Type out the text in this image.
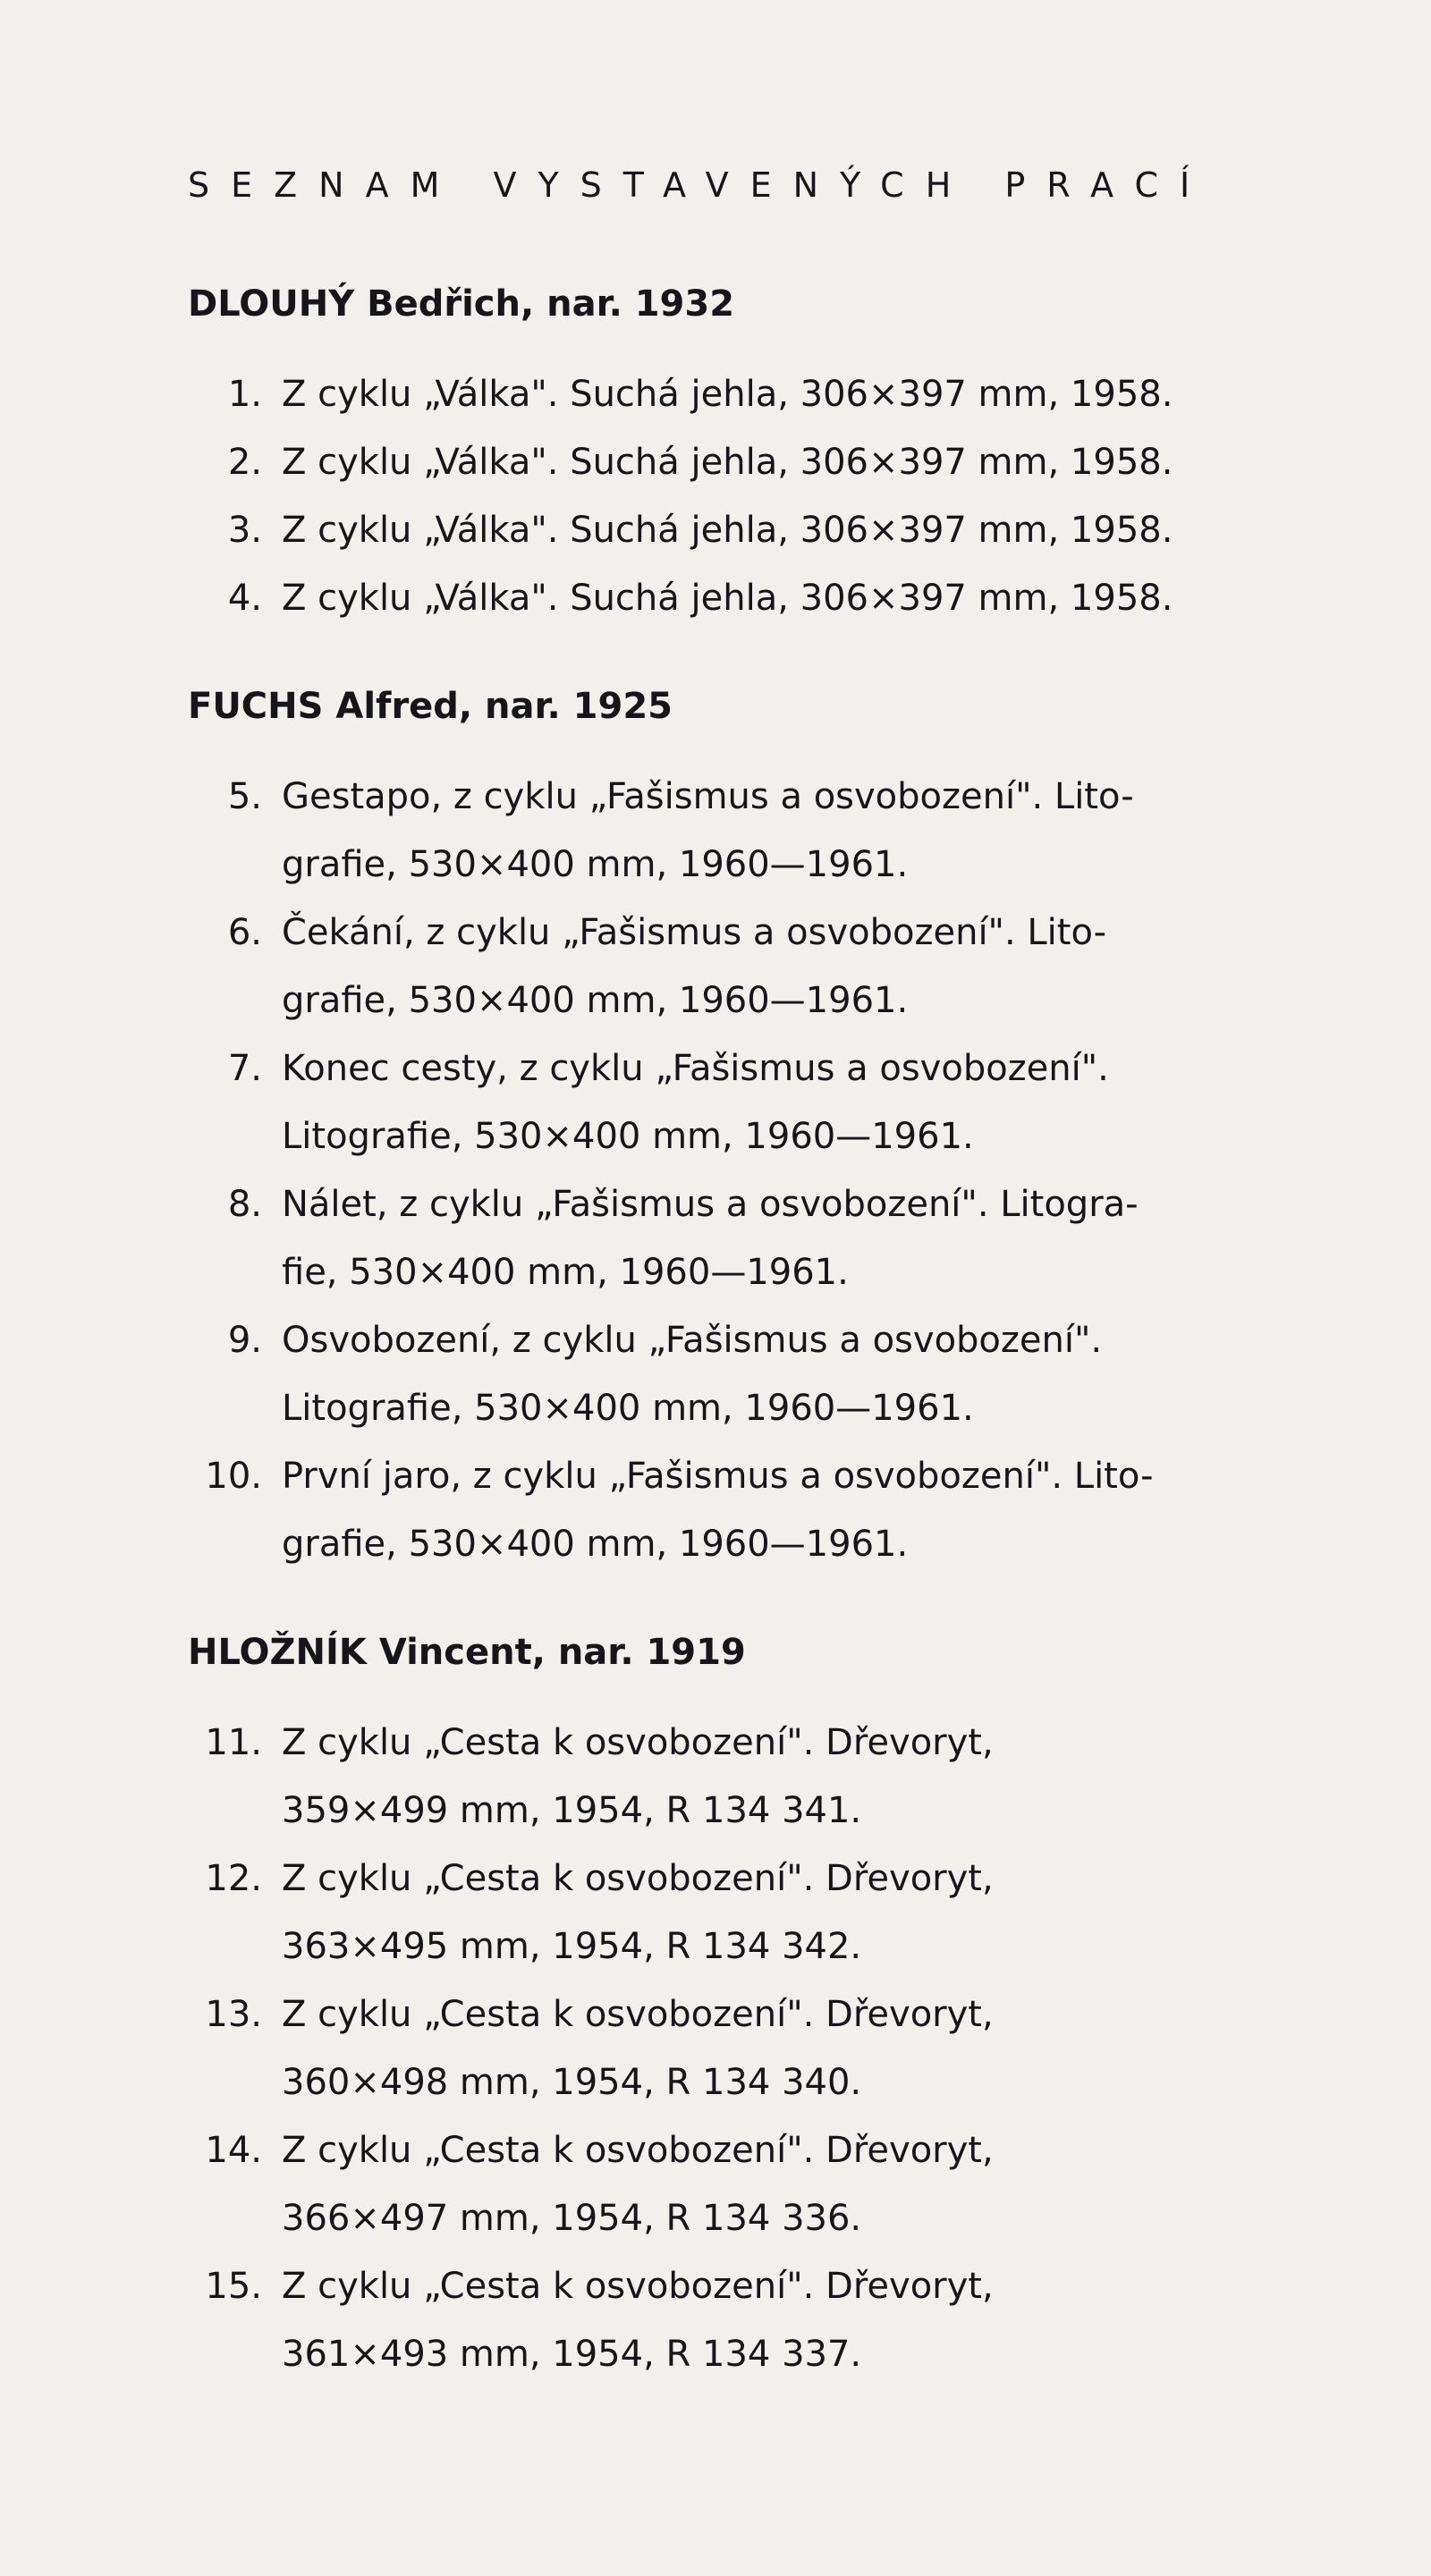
SEZNAM VYSTAVENÝCH PRACÍ
DLOUHÝ Bedřich, nar. 1932
1. Z cyklu „Válka". Suchá jehla, 306×397 mm, 1958.
2. Z cyklu „Válka". Suchá jehla, 306×397 mm, 1958.
3. Z cyklu „Válka". Suchá jehla, 306×397 mm, 1958.
4. Z cyklu „Válka". Suchá jehla, 306×397 mm, 1958.
FUCHS Alfred, nar. 1925
5. Gestapo, z cyklu „Fašismus a osvobození". Lito-
grafie, 530×400 mm, 1960—1961.
6. Čekání, z cyklu „Fašismus a osvobození". Lito-
grafie, 530×400 mm, 1960—1961.
7. Konec cesty, z cyklu „Fašismus a osvobození".
Litografie, 530×400 mm, 1960—1961.
8. Nálet, z cyklu „Fašismus a osvobození". Litogra-
fie, 530×400 mm, 1960—1961.
9. Osvobození, z cyklu „Fašismus a osvobození".
Litografie, 530×400 mm, 1960—1961.
10. První jaro, z cyklu „Fašismus a osvobození". Lito-
grafie, 530×400 mm, 1960—1961.
HLOŽNÍK Vincent, nar. 1919
11. Z cyklu „Cesta k osvobození". Dřevoryt,
359×499 mm, 1954, R 134 341.
12. Z cyklu „Cesta k osvobození". Dřevoryt,
363×495 mm, 1954, R 134 342.
13. Z cyklu „Cesta k osvobození". Dřevoryt,
360×498 mm, 1954, R 134 340.
14. Z cyklu „Cesta k osvobození". Dřevoryt,
366×497 mm, 1954, R 134 336.
15. Z cyklu „Cesta k osvobození". Dřevoryt,
361×493 mm, 1954, R 134 337.
